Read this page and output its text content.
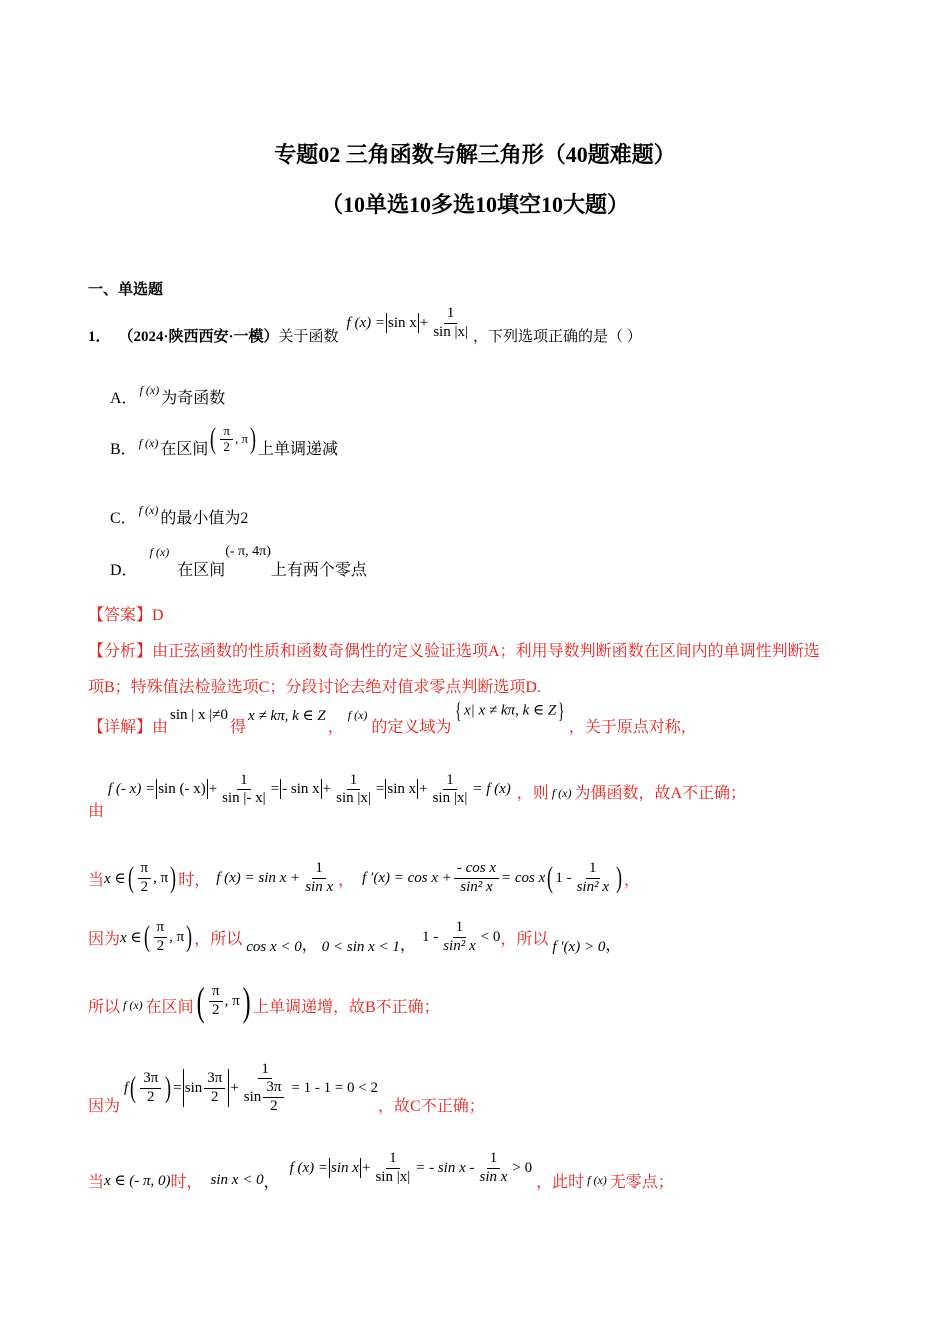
专题02 三角函数与解三角形（40题难题）
（10单选10多选10填空10大题）
一、单选题
1． （2024·陕西西安·一模） 关于函数
f $(x) = \sin x + \frac{1}{\sin |x|}$ ，下列选项正确的是（ ）
A． f (x) 为奇函数
B． f (x) 在区间 ( $\frac{\pi}{2}$ , π ) 上单调递减
C． f (x) 的最小值为2
D．
f (x)
在区间
(- π, 4π)
上有两个零点
【答案】D
【分析】由正弦函数的性质和函数奇偶性的定义验证选项A；利用导数判断函数在区间内的单调性判断选
项B；特殊值法检验选项C；分段讨论去绝对值求零点判断选项D.
【详解】 由
sin | x |≠0
得
x ≠ kπ, k ∈ Z
，
f (x)
的定义域为
{ x| x ≠ kπ, k ∈ Z}
，关于原点对称，
由
f (- x) = sin (- $x) + \frac{1}{\sin |- x|}$ = - $\sin x + \frac{1}{\sin |x|} = \sin x + \frac{1}{\sin |x|} = f$ (x) ，则 f (x) 为偶函数，故A不正确；
当 x ∈ ( $\frac{\pi}{2}$ , π ) 时， f $(x) = \sin x + \frac{1}{\text{sin x}}$ ， f $'(x) = \cos x + \frac{\text{- cos x}}{\text{sin² x}} = \cos x$ ( $1 - \frac{1}{\text{sin² x}}$ ) ，
因为 x ∈ ( $\frac{\pi}{2}$ , π ) ，所以 cos x < 0 ， 0 < sin x < 1 ， $1 - \frac{1}{\text{sin² x}} < 0$ ，所以 f ′(x) > 0 ，
所以 f (x) 在区间 ( $\frac{\pi}{2}$ , π ) 上单调递增，故B不正确；
因为
f ( $\frac{3\pi}{2}$ ) = $\sin \frac{3\pi}{2} + \frac{1}{\sin \frac{3\pi}{2}} = 1 - 1 = 0 < 2$
，故C不正确；
当 x ∈ (- π, 0) 时， sin x < 0 ，
f $(x) = \sin x + \frac{1}{\sin |x|}$ = - $\sin x - \frac{1}{\text{sin x}} > 0$
，此时 f (x) 无零点；
